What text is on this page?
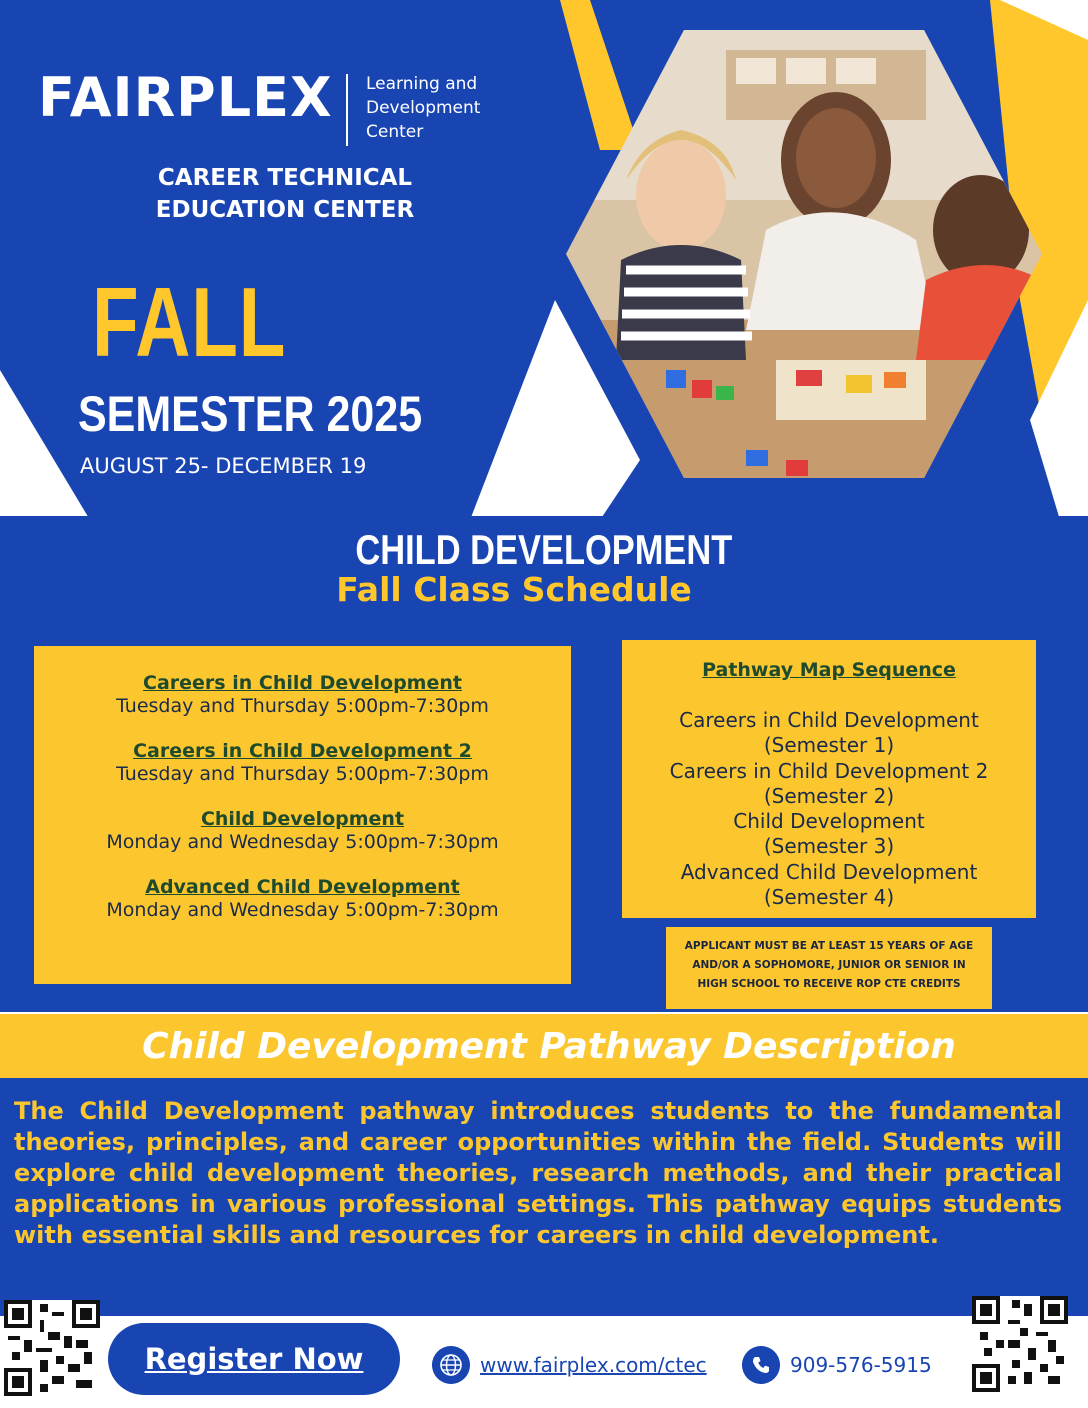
FAIRPLEX Learning and
Development
Center
CAREER TECHNICAL
EDUCATION CENTER
FALL
SEMESTER 2025
AUGUST 25- DECEMBER 19
CHILD DEVELOPMENT
Fall Class Schedule
Careers in Child Development
Tuesday and Thursday 5:00pm-7:30pm
Careers in Child Development 2
Tuesday and Thursday 5:00pm-7:30pm
Child Development
Monday and Wednesday 5:00pm-7:30pm
Advanced Child Development
Monday and Wednesday 5:00pm-7:30pm
Pathway Map Sequence
Careers in Child Development
(Semester 1)
Careers in Child Development 2
(Semester 2)
Child Development
(Semester 3)
Advanced Child Development
(Semester 4)
APPLICANT MUST BE AT LEAST 15 YEARS OF AGE
AND/OR A SOPHOMORE, JUNIOR OR SENIOR IN
HIGH SCHOOL TO RECEIVE ROP CTE CREDITS
Child Development Pathway Description
The Child Development pathway introduces students to the fundamental theories, principles, and career opportunities within the field. Students will explore child development theories, research methods, and their practical applications in various professional settings. This pathway equips students with essential skills and resources for careers in child development.
Register Now	www.fairplex.com/ctec	909-576-5915
